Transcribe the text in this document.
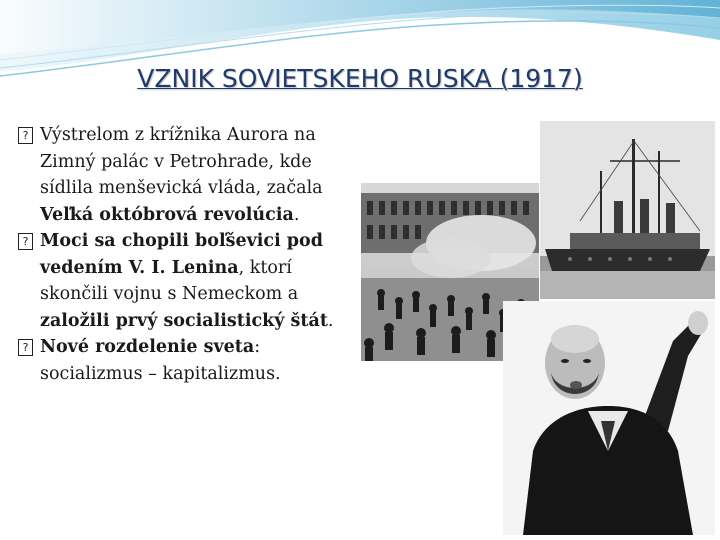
VZNIK SOVIETSKEHO RUSKA (1917)

? Výstrelom z krížnika Aurora na Zimný palác v Petrohrade, kde sídlila menševická vláda, začala Veľká októbrová revolúcia.

? Moci sa chopili boľševici pod vedením V. I. Lenina, ktorí skončili vojnu s Nemeckom a založili prvý socialistický štát.

? Nové rozdelenie sveta: socializmus – kapitalizmus.
